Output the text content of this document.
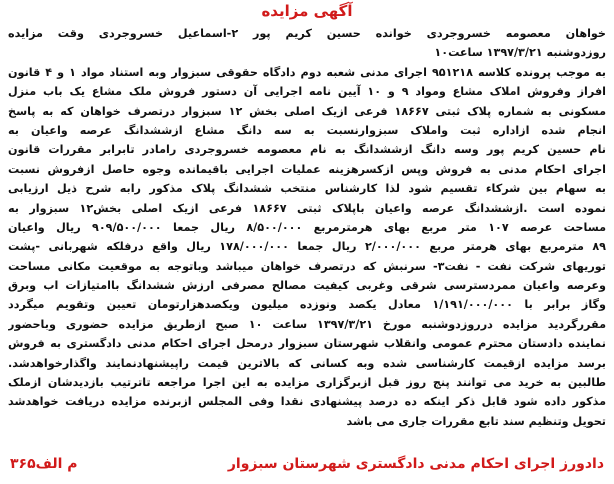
آگهی مزایده
خواهان معصومه خسروجردی خوانده حسین کریم پور ۲-اسماعیل خسروجردی وقت مزایده
روزدوشنبه ۱۳۹۷/۳/۲۱ ساعت۱۰
به موجب پرونده کلاسه ۹۵۱۲۱۸ اجرای مدنی شعبه دوم دادگاه حقوقی سبزوار وبه استناد مواد ۱ و ۴ قانون
افراز وفروش املاک مشاع ومواد ۹ و ۱۰ آیین نامه اجرایی آن دستور فروش ملک مشاع یک باب منزل
مسکونی به شماره پلاک ثبتی ۱۸۶۶۷ فرعی ازیک اصلی بخش ۱۲ سبزوار درتصرف خواهان که به پاسخ
انجام شده ازاداره ثبت واملاک سبزوارنسبت به سه دانگ مشاع ازششدانگ عرصه واعیان به
نام حسین کریم پور وسه دانگ ازششدانگ به نام معصومه خسروجردی رامادر تابرابر مقررات قانون
اجرای احکام مدنی به فروش وپس ازکسرهزینه عملیات اجرایی باقیمانده وجوه حاصل ازفروش نسبت
به سهام بین شرکاء تقسیم شود لذا کارشناس منتخب ششدانگ پلاک مذکور رابه شرح ذیل ارزیابی
نموده است .ازششدانگ عرصه واعیان باپلاک ثبتی ۱۸۶۶۷ فرعی ازیک اصلی بخش۱۲ سبزوار به
مساحت عرصه ۱۰۷ متر مربع بهای هرمترمربع ۸/۵۰۰/۰۰۰ ریال جمعا ۹۰۹/۵۰۰/۰۰۰ ریال واعیان
۸۹ مترمربع بهای هرمتر مربع ۲/۰۰۰/۰۰۰ ریال جمعا ۱۷۸/۰۰۰/۰۰۰ ریال واقع درفلکه شهربانی -پشت
توریهای شرکت نفت - نفت۳- سرنبش که درتصرف خواهان میباشد وباتوجه به موقعیت مکانی مساحت
وعرصه واعیان ممردسترسی شرقی وغربی کیفیت مصالح مصرفی ارزش ششدانگ باامتیازات اب وبرق
وگاز برابر با ۱/۱۹۱/۰۰۰/۰۰۰ معادل یکصد ونوزده میلیون ویکصدهزارتومان تعیین وتقویم میگردد
مقررگردید مزایده درروزدوشنبه مورخ ۱۳۹۷/۳/۲۱ ساعت ۱۰ صبح ازطریق مزایده حضوری وباحضور
نماینده دادستان محترم عمومی وانقلاب شهرستان سبزوار درمحل اجرای احکام مدنی دادگستری به فروش
برسد مزایده ازقیمت کارشناسی شده وبه کسانی که بالاترین قیمت راپیشنهادنمایند واگذارخواهدشد.
طالبین به خرید می توانند پنج روز قبل ازبرگزاری مزایده به این اجرا مراجعه تاترتیب بازدیدشان ازملک
مذکور داده شود قابل ذکر اینکه ده درصد پیشنهادی نقدا وفی المجلس ازبرنده مزایده دریافت خواهدشد
تحویل وتنظیم سند تابع مقررات جاری می باشد
دادورز اجرای احکام مدنی دادگستری شهرستان سبزوار
م الف۳۶۵
